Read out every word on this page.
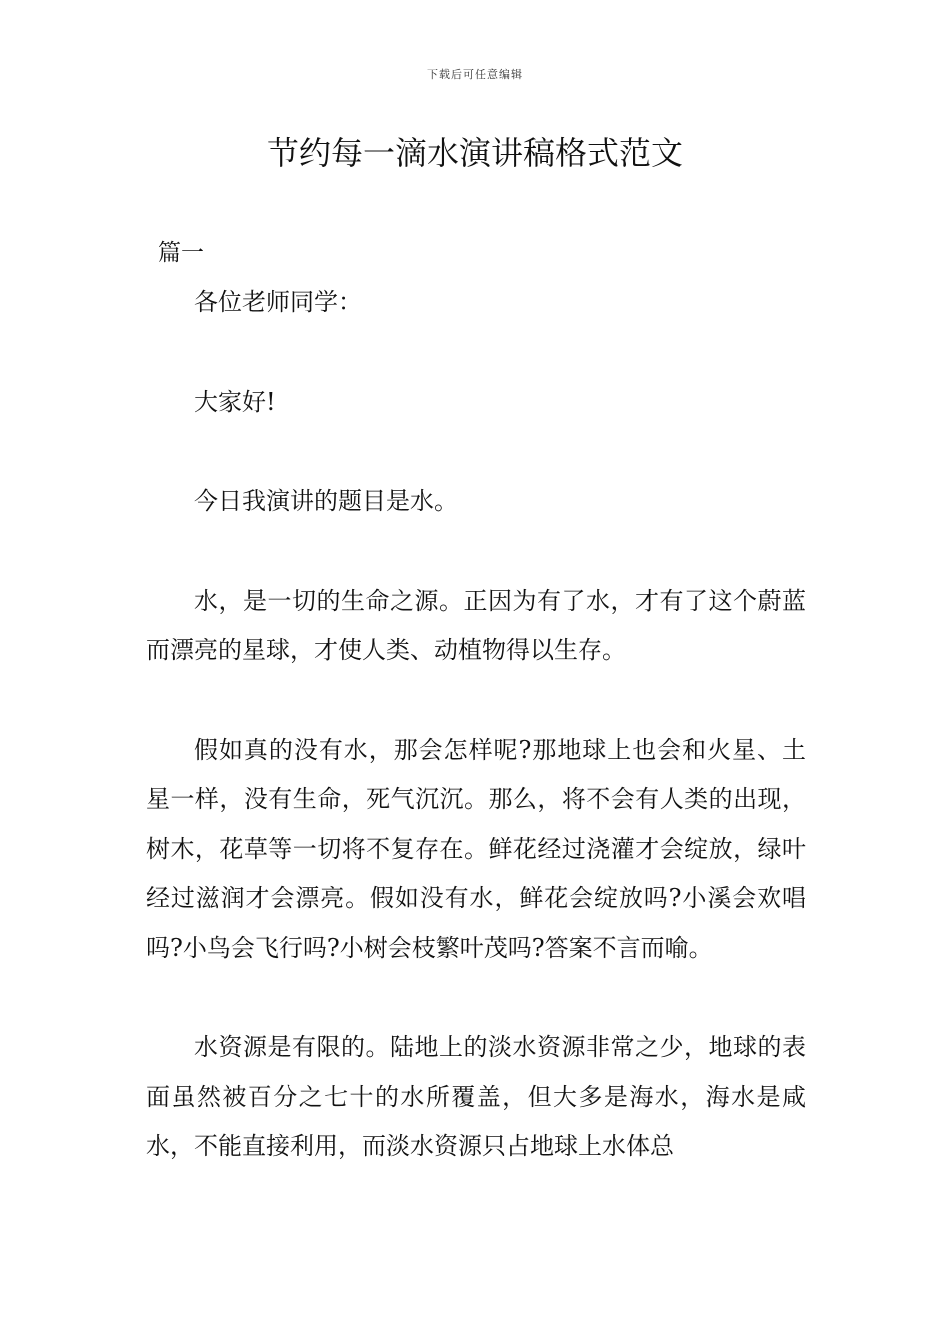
下载后可任意编辑
节约每一滴水演讲稿格式范文
篇一

各位老师同学：

大家好!

今日我演讲的题目是水。

水，是一切的生命之源。正因为有了水，才有了这个蔚蓝而漂亮的星球，才使人类、动植物得以生存。

假如真的没有水，那会怎样呢?那地球上也会和火星、土星一样，没有生命，死气沉沉。那么，将不会有人类的出现，树木，花草等一切将不复存在。鲜花经过浇灌才会绽放，绿叶经过滋润才会漂亮。假如没有水，鲜花会绽放吗?小溪会欢唱吗?小鸟会飞行吗?小树会枝繁叶茂吗?答案不言而喻。

水资源是有限的。陆地上的淡水资源非常之少，地球的表面虽然被百分之七十的水所覆盖，但大多是海水，海水是咸水，不能直接利用，而淡水资源只占地球上水体总
